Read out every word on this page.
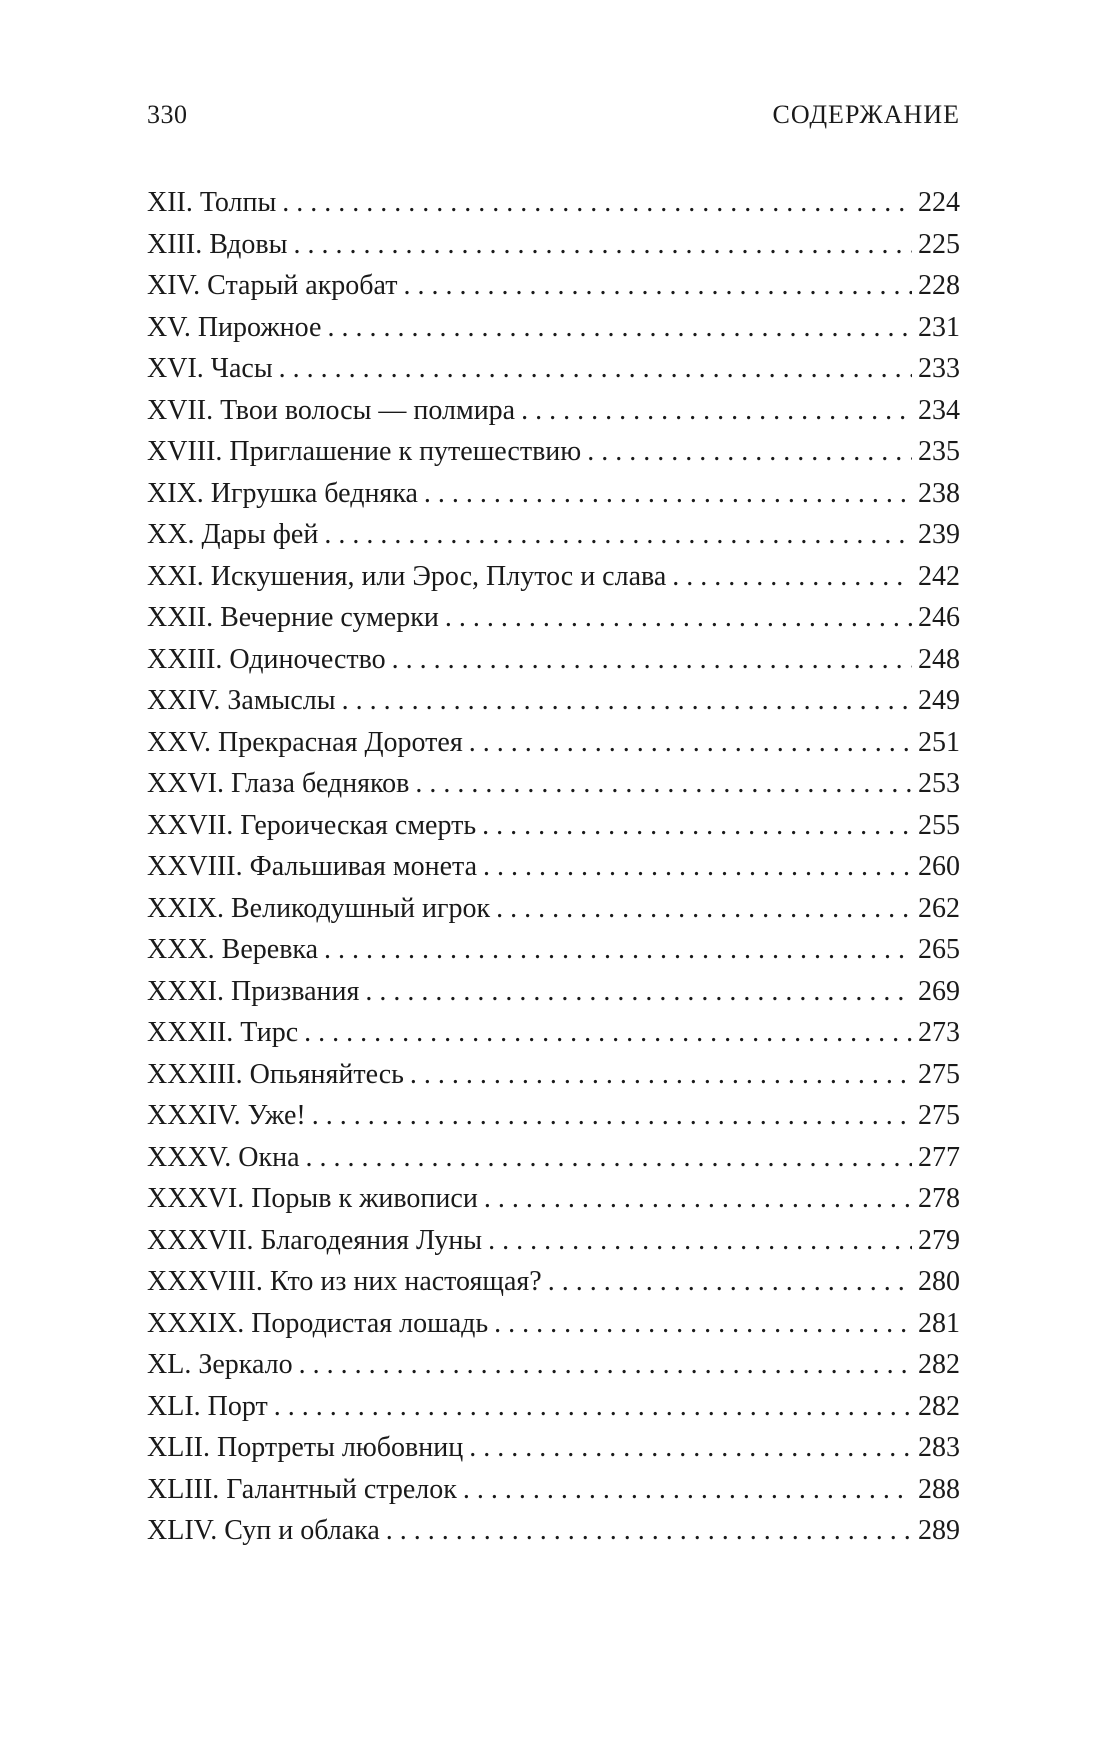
330	СОДЕРЖАНИЕ
XII. Толпы . . .	224
XIII. Вдовы . . .	225
XIV. Старый акробат . . .	228
XV. Пирожное . . .	231
XVI. Часы . . .	233
XVII. Твои волосы — полмира . . .	234
XVIII. Приглашение к путешествию . . .	235
XIX. Игрушка бедняка . . .	238
XX. Дары фей . . .	239
XXI. Искушения, или Эрос, Плутос и слава . . .	242
XXII. Вечерние сумерки . . .	246
XXIII. Одиночество . . .	248
XXIV. Замыслы . . .	249
XXV. Прекрасная Доротея . . .	251
XXVI. Глаза бедняков . . .	253
XXVII. Героическая смерть . . .	255
XXVIII. Фальшивая монета . . .	260
XXIX. Великодушный игрок . . .	262
XXX. Веревка . . .	265
XXXI. Призвания . . .	269
XXXII. Тирс . . .	273
XXXIII. Опьяняйтесь . . .	275
XXXIV. Уже! . . .	275
XXXV. Окна . . .	277
XXXVI. Порыв к живописи . . .	278
XXXVII. Благодеяния Луны . . .	279
XXXVIII. Кто из них настоящая? . . .	280
XXXIX. Породистая лошадь . . .	281
XL. Зеркало . . .	282
XLI. Порт . . .	282
XLII. Портреты любовниц . . .	283
XLIII. Галантный стрелок . . .	288
XLIV. Суп и облака . . .	289
